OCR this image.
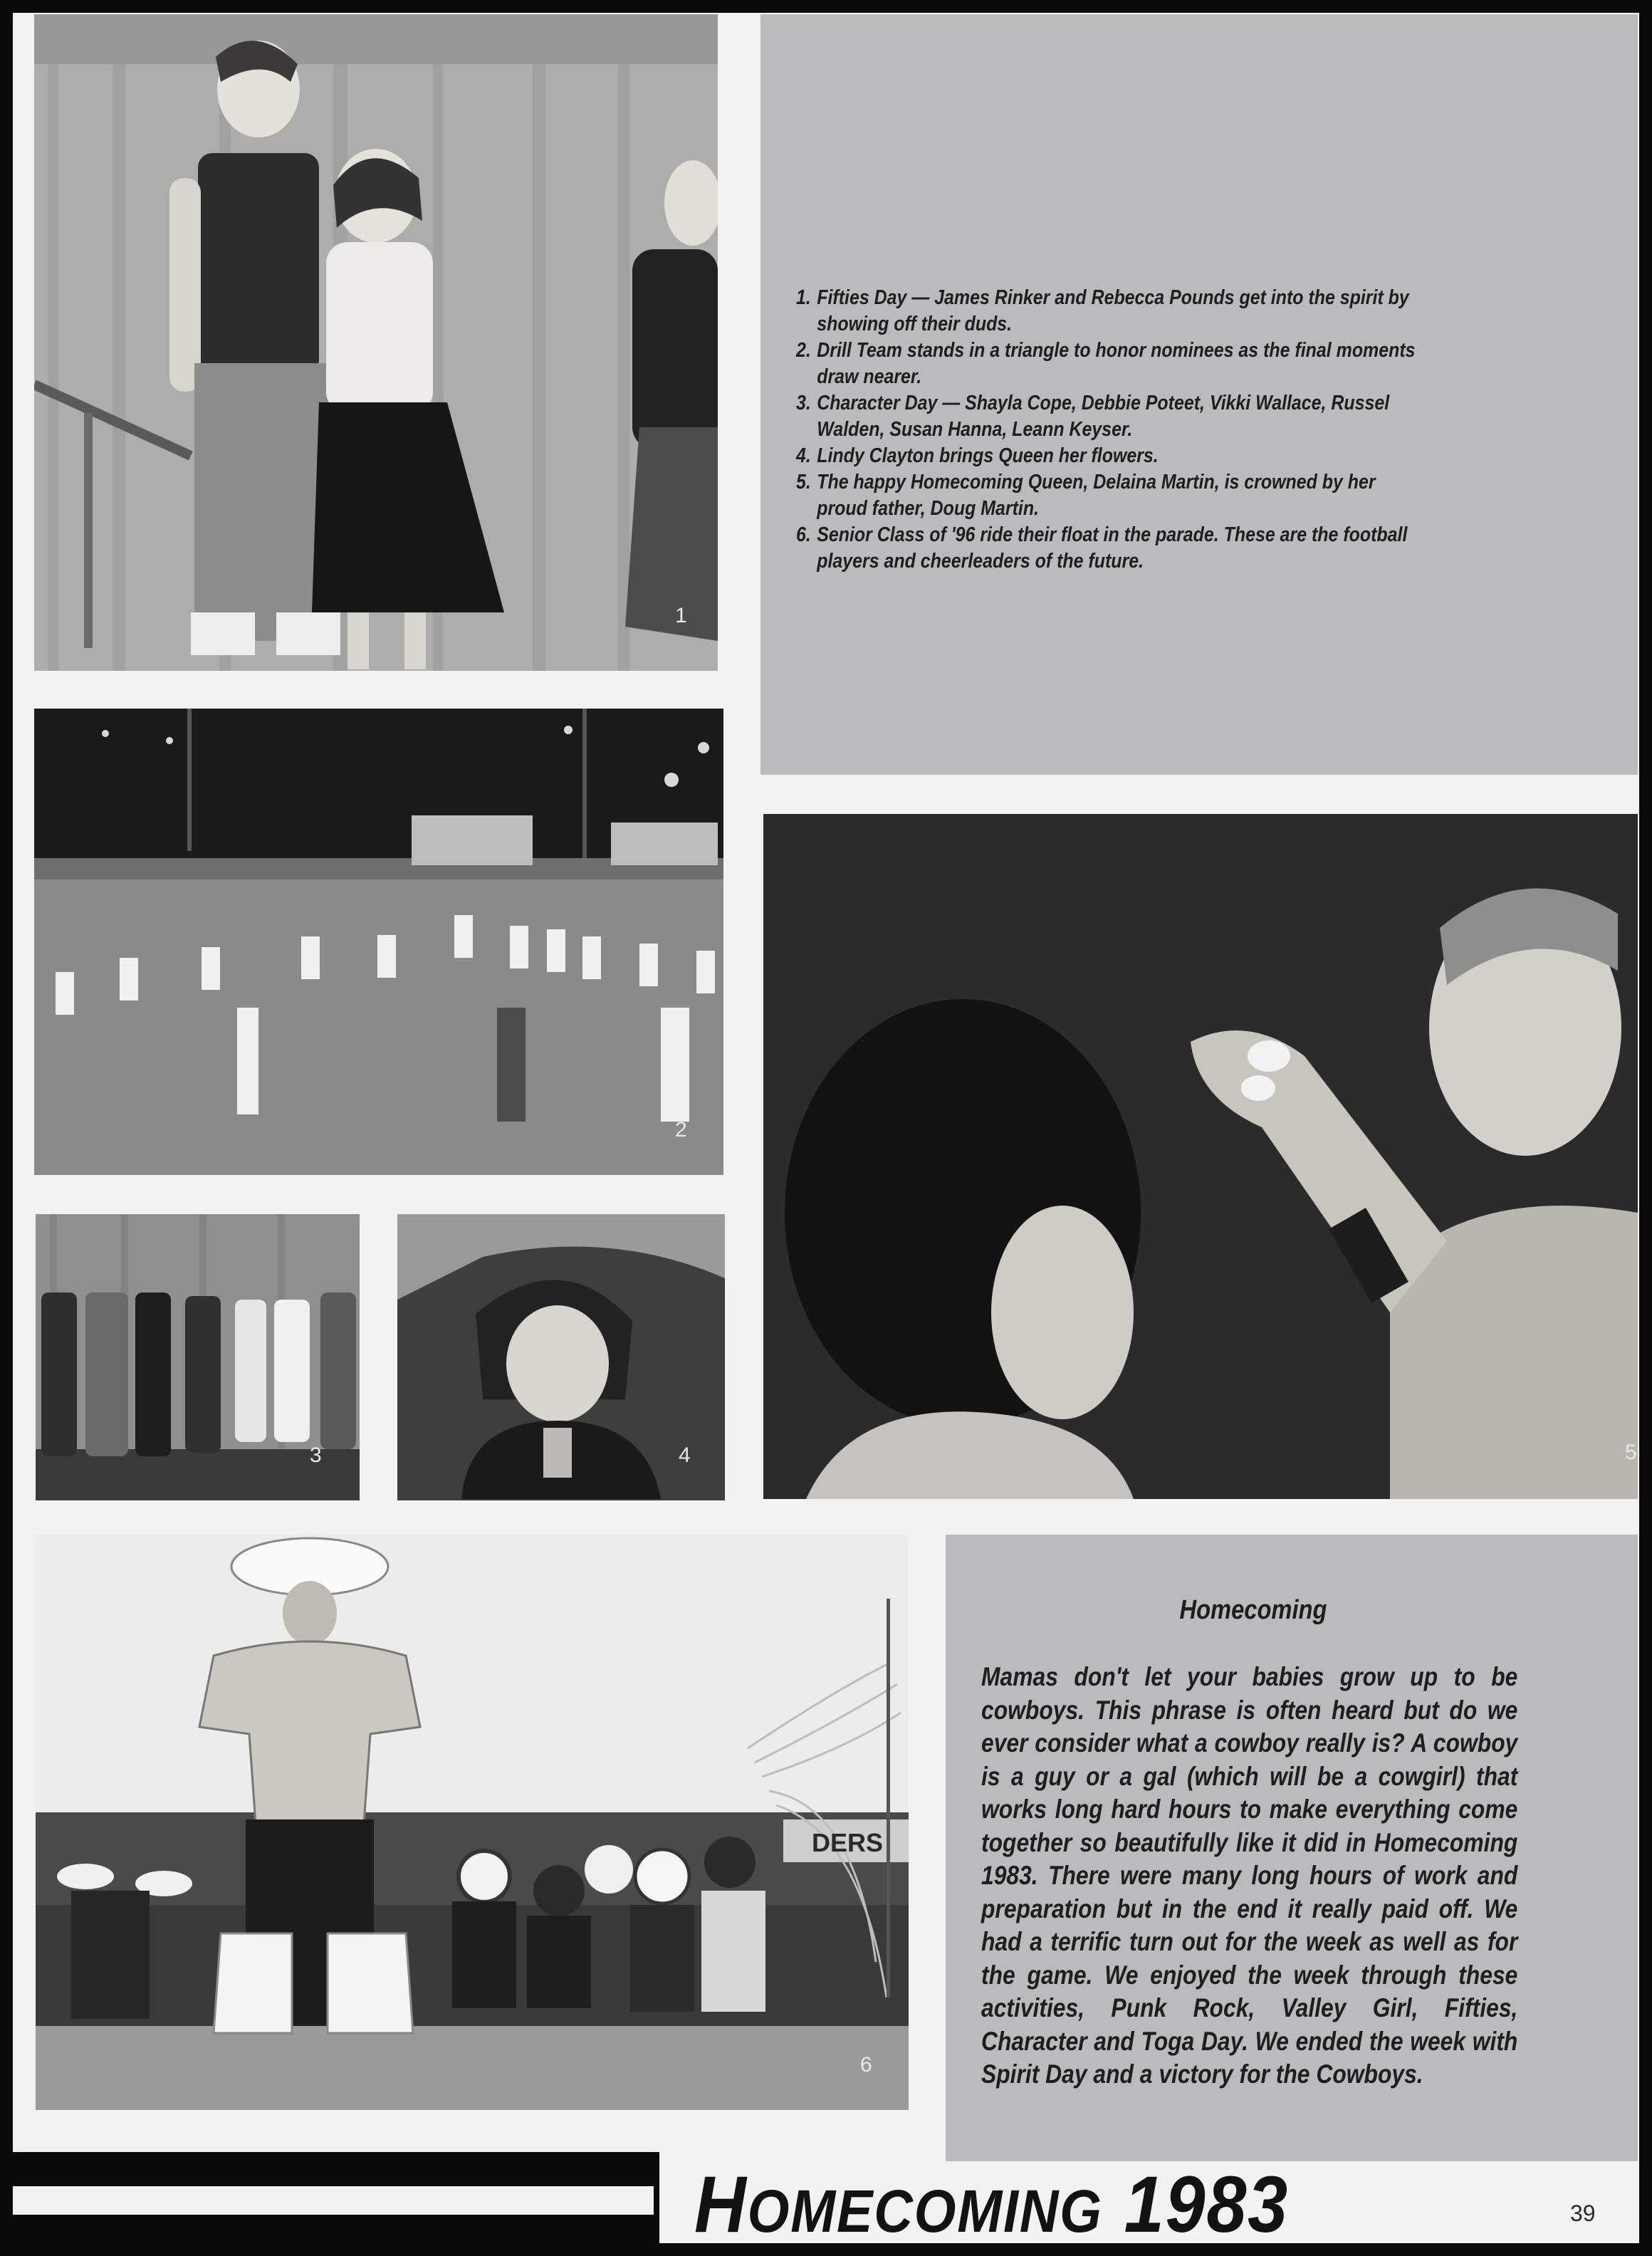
1
1. Fifties Day — James Rinker and Rebecca Pounds get into the spirit by showing off their duds.
2. Drill Team stands in a triangle to honor nominees as the final moments draw nearer.
3. Character Day — Shayla Cope, Debbie Poteet, Vikki Wallace, Russel Walden, Susan Hanna, Leann Keyser.
4. Lindy Clayton brings Queen her flowers.
5. The happy Homecoming Queen, Delaina Martin, is crowned by her proud father, Doug Martin.
6. Senior Class of '96 ride their float in the parade. These are the football players and cheerleaders of the future.
2
3	4	5
DERS
6
Homecoming

Mamas don't let your babies grow up to be cowboys. This phrase is often heard but do we ever consider what a cowboy really is? A cowboy is a guy or a gal (which will be a cowgirl) that works long hard hours to make everything come together so beautifully like it did in Homecoming 1983. There were many long hours of work and preparation but in the end it really paid off. We had a terrific turn out for the week as well as for the game. We enjoyed the week through these activities, Punk Rock, Valley Girl, Fifties, Character and Toga Day. We ended the week with Spirit Day and a victory for the Cowboys.

HOMECOMING 1983	39
